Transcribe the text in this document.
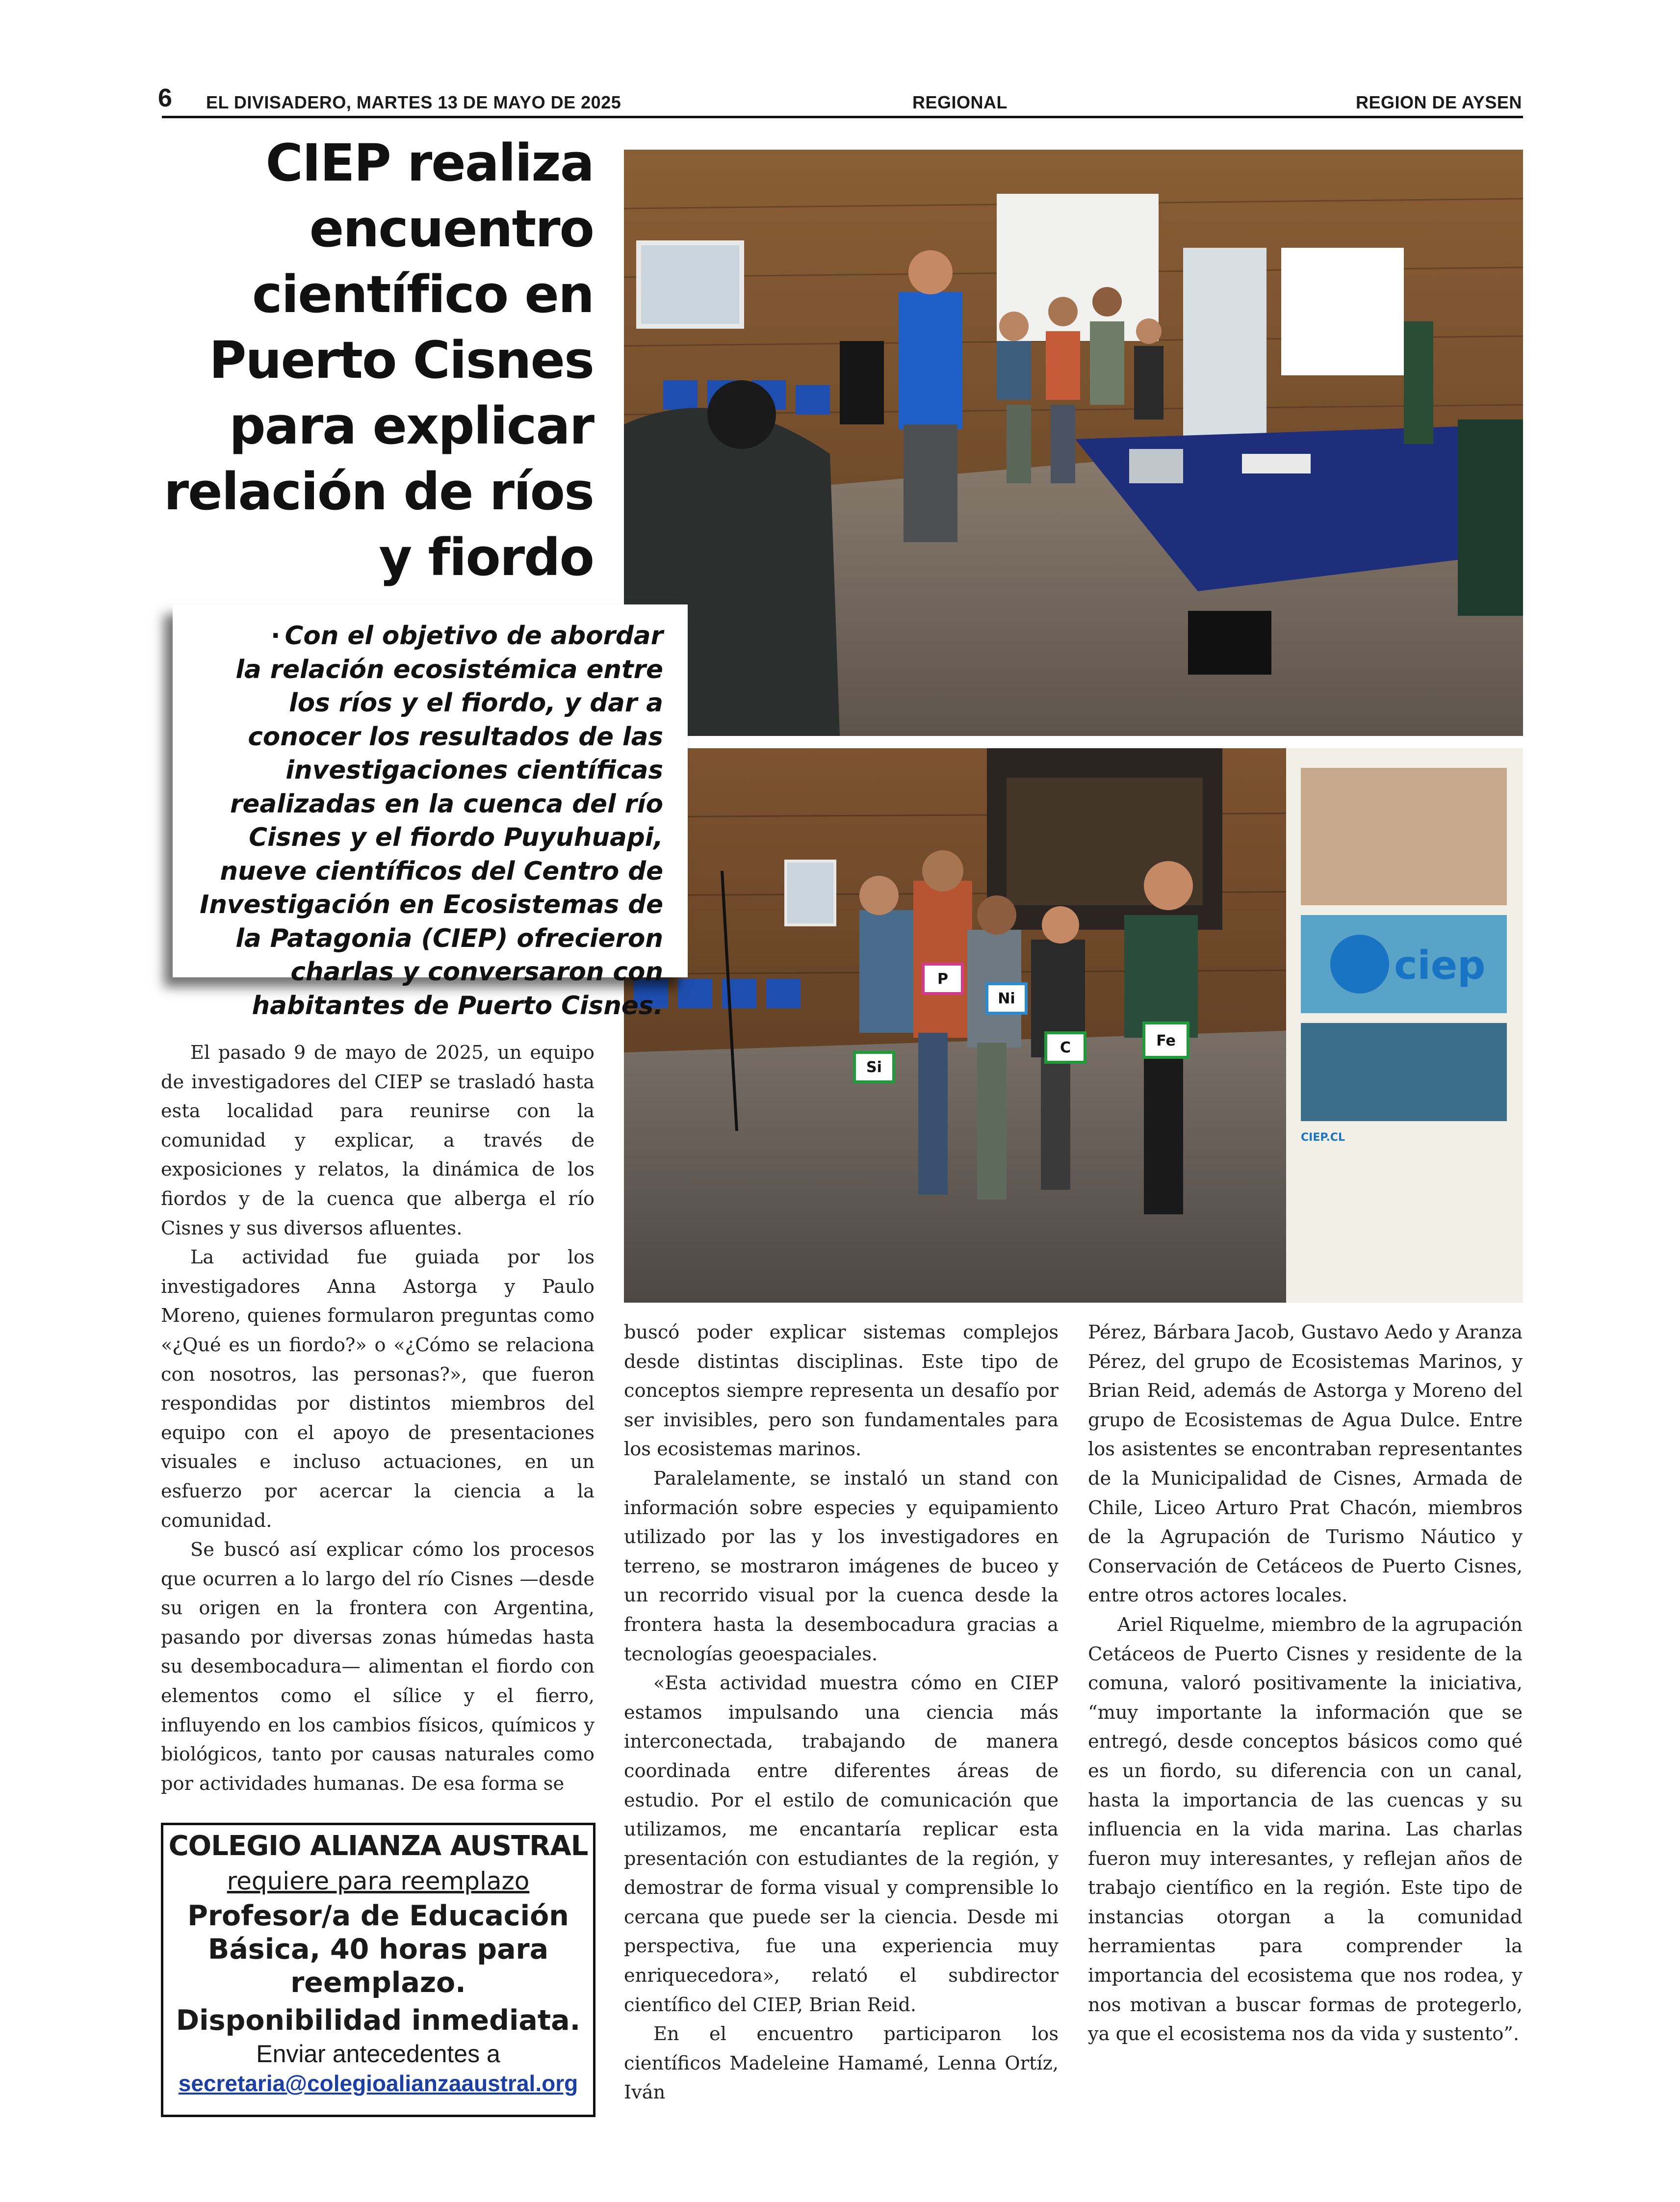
6 EL DIVISADERO, MARTES 13 DE MAYO DE 2025	REGIONAL	REGION DE AYSEN
CIEP realiza encuentro científico en Puerto Cisnes para explicar relación de ríos y fiordo
ciep
CIEP.CL
Si
P
Ni
C	Fe

· Con el objetivo de abordar la relación ecosistémica entre los ríos y el fiordo, y dar a conocer los resultados de las investigaciones científicas realizadas en la cuenca del río Cisnes y el fiordo Puyuhuapi, nueve científicos del Centro de Investigación en Ecosistemas de la Patagonia (CIEP) ofrecieron charlas y conversaron con habitantes de Puerto Cisnes.

El pasado 9 de mayo de 2025, un equipo de investigadores del CIEP se trasladó hasta esta localidad para reunirse con la comunidad y explicar, a través de exposiciones y relatos, la dinámica de los fiordos y de la cuenca que alberga el río Cisnes y sus diversos afluentes.

La actividad fue guiada por los investigadores Anna Astorga y Paulo Moreno, quienes formularon preguntas como «¿Qué es un fiordo?» o «¿Cómo se relaciona con nosotros, las personas?», que fueron respondidas por distintos miembros del equipo con el apoyo de presentaciones visuales e incluso actuaciones, en un esfuerzo por acercar la ciencia a la comunidad.

Se buscó así explicar cómo los procesos que ocurren a lo largo del río Cisnes —desde su origen en la frontera con Argentina, pasando por diversas zonas húmedas hasta su desembocadura— alimentan el fiordo con elementos como el sílice y el fierro, influyendo en los cambios físicos, químicos y biológicos, tanto por causas naturales como por actividades humanas. De esa forma se

buscó poder explicar sistemas complejos desde distintas disciplinas. Este tipo de conceptos siempre representa un desafío por ser invisibles, pero son fundamentales para los ecosistemas marinos.

Paralelamente, se instaló un stand con información sobre especies y equipamiento utilizado por las y los investigadores en terreno, se mostraron imágenes de buceo y un recorrido visual por la cuenca desde la frontera hasta la desembocadura gracias a tecnologías geoespaciales.

«Esta actividad muestra cómo en CIEP estamos impulsando una ciencia más interconectada, trabajando de manera coordinada entre diferentes áreas de estudio. Por el estilo de comunicación que utilizamos, me encantaría replicar esta presentación con estudiantes de la región, y demostrar de forma visual y comprensible lo cercana que puede ser la ciencia. Desde mi perspectiva, fue una experiencia muy enriquecedora», relató el subdirector científico del CIEP, Brian Reid.

En el encuentro participaron los científicos Madeleine Hamamé, Lenna Ortíz, Iván

Pérez, Bárbara Jacob, Gustavo Aedo y Aranza Pérez, del grupo de Ecosistemas Marinos, y Brian Reid, además de Astorga y Moreno del grupo de Ecosistemas de Agua Dulce. Entre los asistentes se encontraban representantes de la Municipalidad de Cisnes, Armada de Chile, Liceo Arturo Prat Chacón, miembros de la Agrupación de Turismo Náutico y Conservación de Cetáceos de Puerto Cisnes, entre otros actores locales.

Ariel Riquelme, miembro de la agrupación Cetáceos de Puerto Cisnes y residente de la comuna, valoró positivamente la iniciativa, “muy importante la información que se entregó, desde conceptos básicos como qué es un fiordo, su diferencia con un canal, hasta la importancia de las cuencas y su influencia en la vida marina. Las charlas fueron muy interesantes, y reflejan años de trabajo científico en la región. Este tipo de instancias otorgan a la comunidad herramientas para comprender la importancia del ecosistema que nos rodea, y nos motivan a buscar formas de protegerlo, ya que el ecosistema nos da vida y sustento”.

COLEGIO ALIANZA AUSTRAL
requiere para reemplazo
Profesor/a de Educación Básica, 40 horas para reemplazo.
Disponibilidad inmediata.
Enviar antecedentes a
secretaria@colegioalianzaaustral.org
